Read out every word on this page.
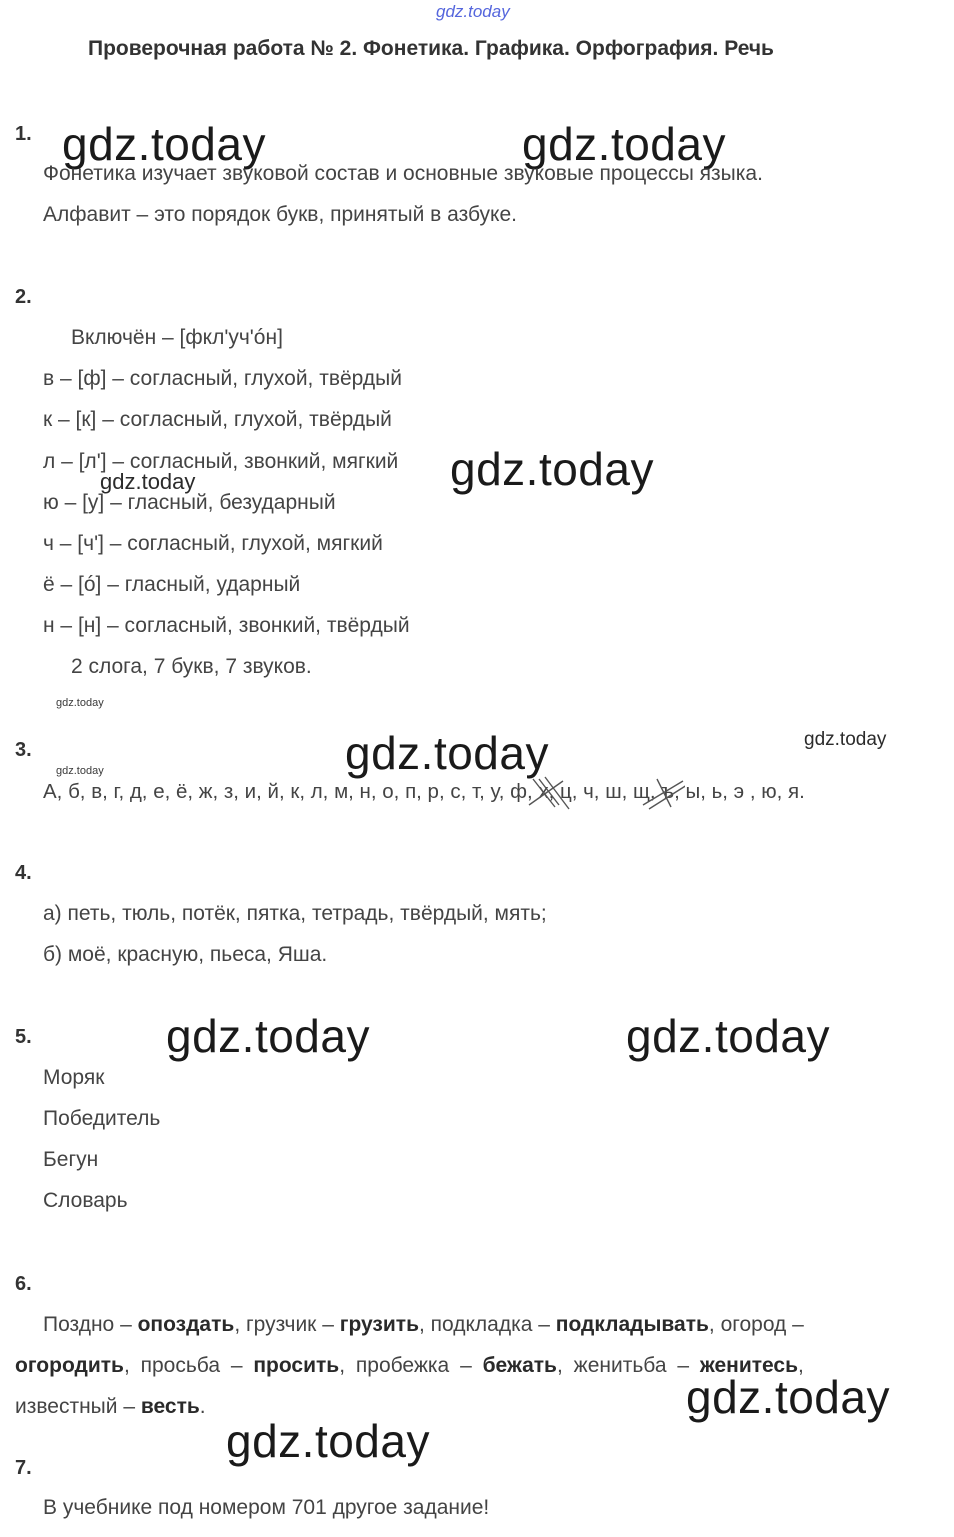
gdz.today
Проверочная работа № 2. Фонетика. Графика. Орфография. Речь
1. gdz.today	gdz.today
Фонетика изучает звуковой состав и основные звуковые процессы языка.
Алфавит – это порядок букв, принятый в азбуке.
2.
Включён – [фкл'уч'óн]
в – [ф] – согласный, глухой, твёрдый
к – [к] – согласный, глухой, твёрдый
л – [л'] – согласный, звонкий, мягкий gdz.today
gdz.today
ю – [у] – гласный, безударный
ч – [ч'] – согласный, глухой, мягкий
ё – [ó] – гласный, ударный
н – [н] – согласный, звонкий, твёрдый
2 слога, 7 букв, 7 звуков.
gdz.today
3.	gdz.today	gdz.today
gdz.today
А, б, в, г, д, е, ё, ж, з, и, й, к, л, м, н, о, п, р, с, т, у, ф, х, ц, ч, ш, щ, ъ, ы, ь, э , ю, я.
4.
а) петь, тюль, потёк, пятка, тетрадь, твёрдый, мять;
б) моё, красную, пьеса, Яша.
5.	gdz.today	gdz.today
Моряк
Победитель
Бегун
Словарь
6.
Поздно – опоздать, грузчик – грузить, подкладка – подкладывать, огород –
огородить, просьба – просить, пробежка – бежать, женитьба – женитесь,
известный – весть.	gdz.today
gdz.today
7.
В учебнике под номером 701 другое задание!
